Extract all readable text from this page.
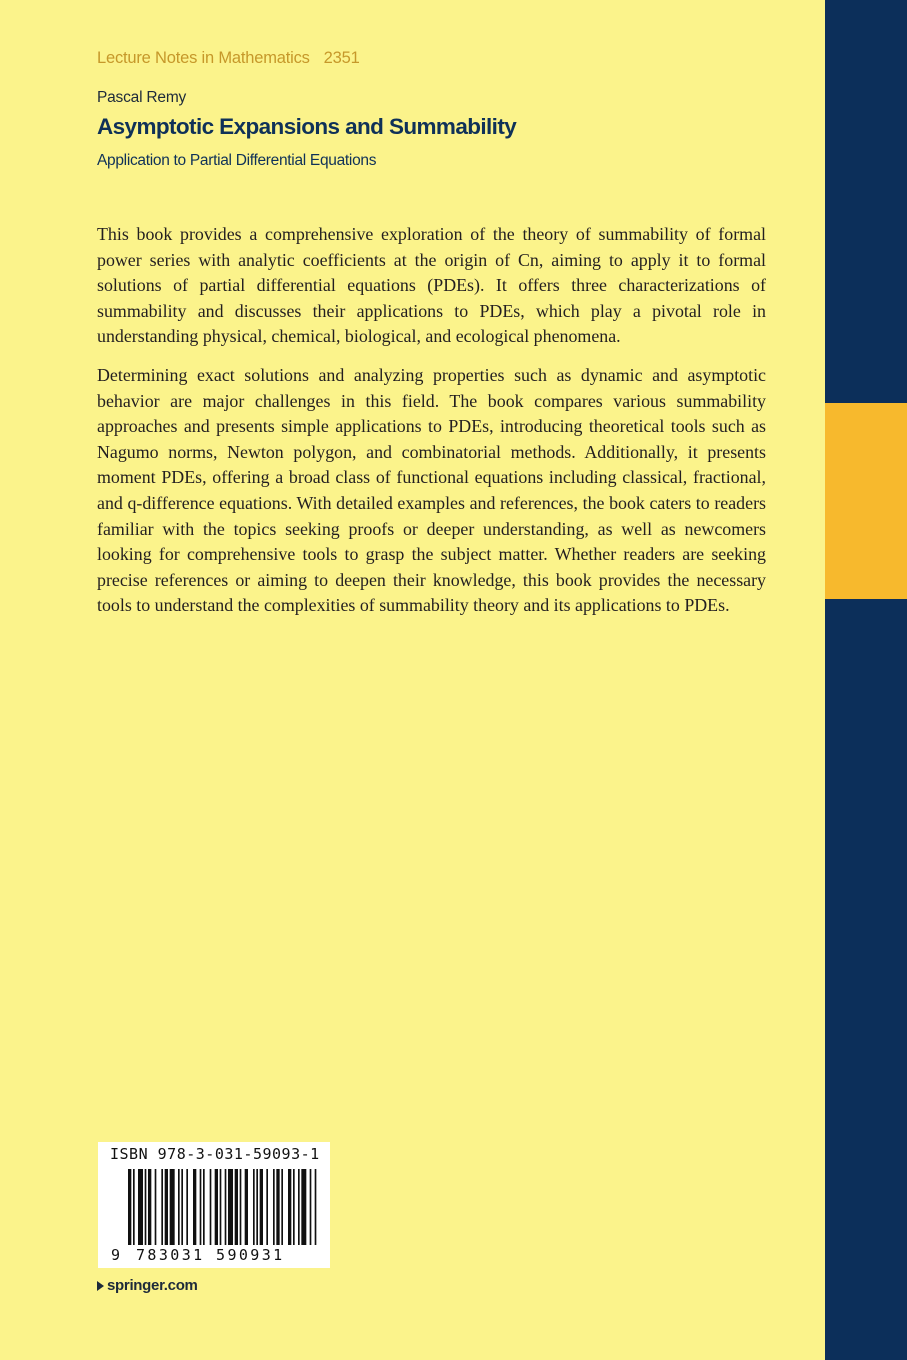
Lecture Notes in Mathematics 2351
Pascal Remy
Asymptotic Expansions and Summability
Application to Partial Differential Equations

This book provides a comprehensive exploration of the theory of summability of formal power series with analytic coefficients at the origin of Cn, aiming to apply it to formal solutions of partial differential equations (PDEs). It offers three characterizations of summability and discusses their applications to PDEs, which play a pivotal role in understanding physical, chemical, biological, and ecological phenomena.

Determining exact solutions and analyzing properties such as dynamic and asymptotic behavior are major challenges in this field. The book compares various summability approaches and presents simple applications to PDEs, introducing theoretical tools such as Nagumo norms, Newton polygon, and combinatorial methods. Additionally, it presents moment PDEs, offering a broad class of functional equations including classical, fractional, and q-difference equations. With detailed examples and references, the book caters to readers familiar with the topics seeking proofs or deeper understanding, as well as newcomers looking for comprehensive tools to grasp the subject matter. Whether readers are seeking precise references or aiming to deepen their knowledge, this book provides the necessary tools to understand the complexities of summability theory and its applications to PDEs.

ISBN 978-3-031-59093-1
9 783031 590931
springer.com
